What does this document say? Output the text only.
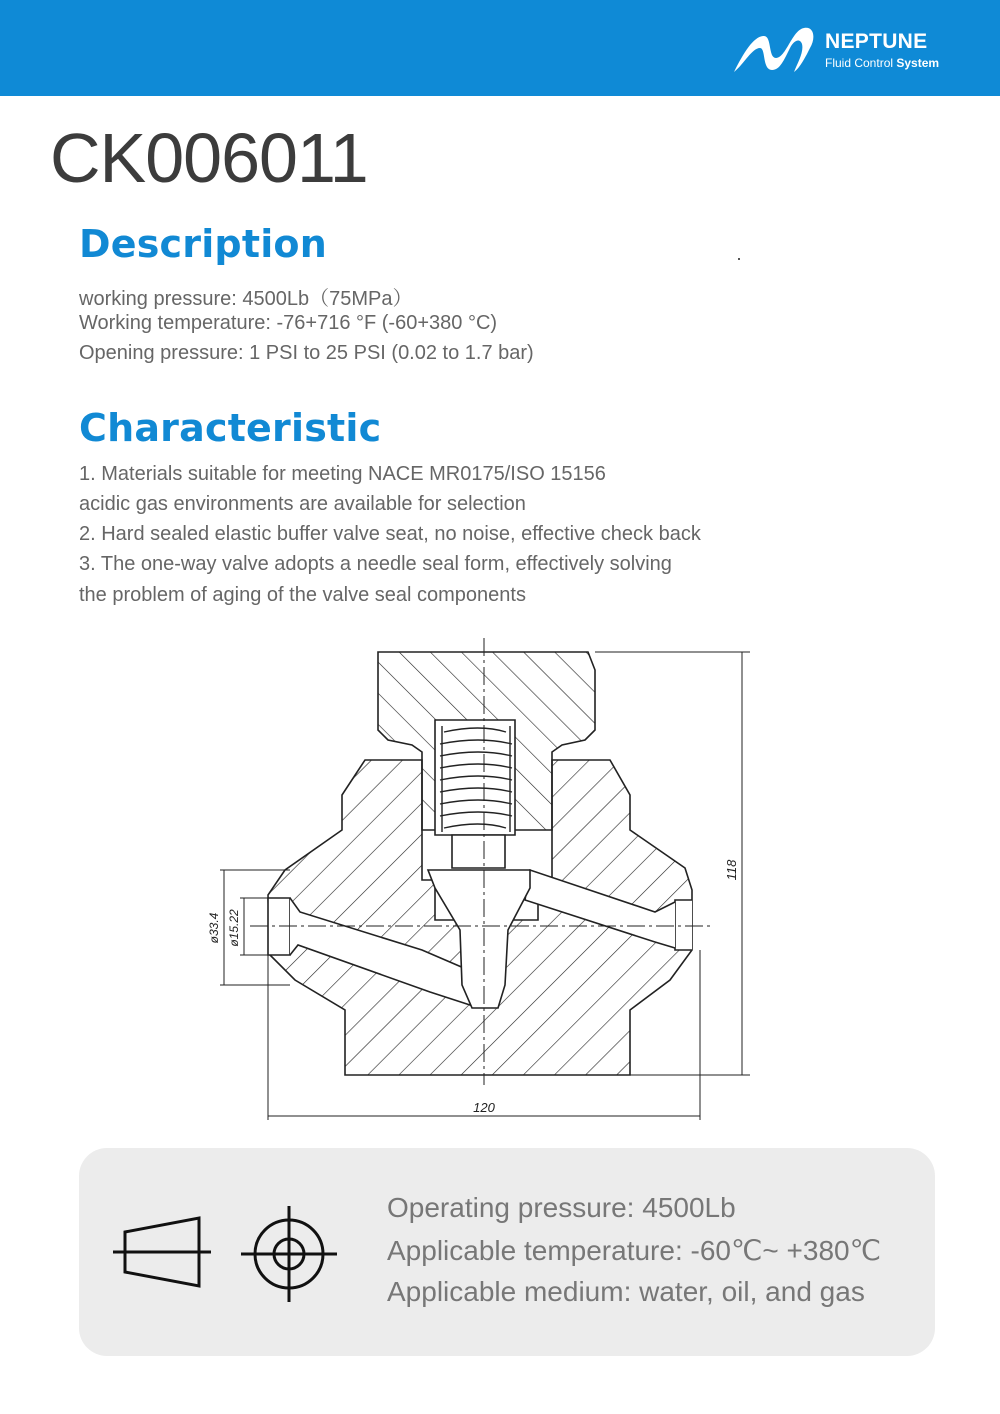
NEPTUNE
Fluid Control System
CK006011
Description
working pressure: 4500Lb（75MPa）
Working temperature: -76+716 °F (-60+380 °C)
Opening pressure: 1 PSI to 25 PSI (0.02 to 1.7 bar)
Characteristic
1. Materials suitable for meeting NACE MR0175/ISO 15156
acidic gas environments are available for selection
2. Hard sealed elastic buffer valve seat, no noise, effective check back
3. The one-way valve adopts a needle seal form, effectively solving
the problem of aging of the valve seal components
118
120
ø33.4 ø15.22
Operating pressure: 4500Lb
Applicable temperature: -60℃~ +380℃
Applicable medium: water, oil, and gas
